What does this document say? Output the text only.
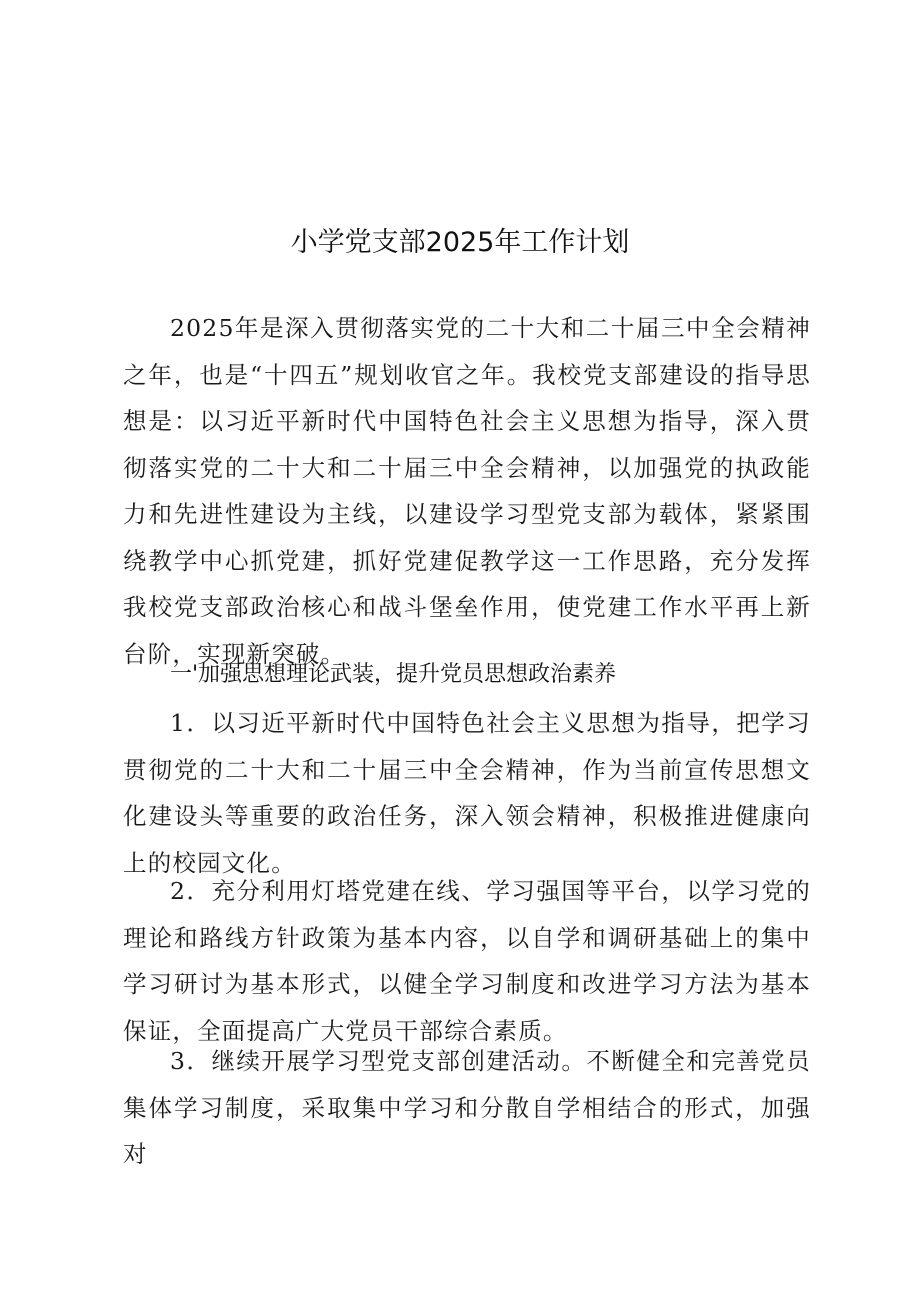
小学党支部2025年工作计划

2025年是深入贯彻落实党的二十大和二十届三中全会精神之年，也是“十四五”规划收官之年。我校党支部建设的指导思想是：以习近平新时代中国特色社会主义思想为指导，深入贯彻落实党的二十大和二十届三中全会精神，以加强党的执政能力和先进性建设为主线，以建设学习型党支部为载体，紧紧围绕教学中心抓党建，抓好党建促教学这一工作思路，充分发挥我校党支部政治核心和战斗堡垒作用，使党建工作水平再上新台阶，实现新突破。

一'加强思想理论武装，提升党员思想政治素养

1．以习近平新时代中国特色社会主义思想为指导，把学习贯彻党的二十大和二十届三中全会精神，作为当前宣传思想文化建设头等重要的政治任务，深入领会精神，积极推进健康向上的校园文化。

2．充分利用灯塔党建在线、学习强国等平台，以学习党的理论和路线方针政策为基本内容，以自学和调研基础上的集中学习研讨为基本形式，以健全学习制度和改进学习方法为基本保证，全面提高广大党员干部综合素质。

3．继续开展学习型党支部创建活动。不断健全和完善党员集体学习制度，采取集中学习和分散自学相结合的形式，加强对
